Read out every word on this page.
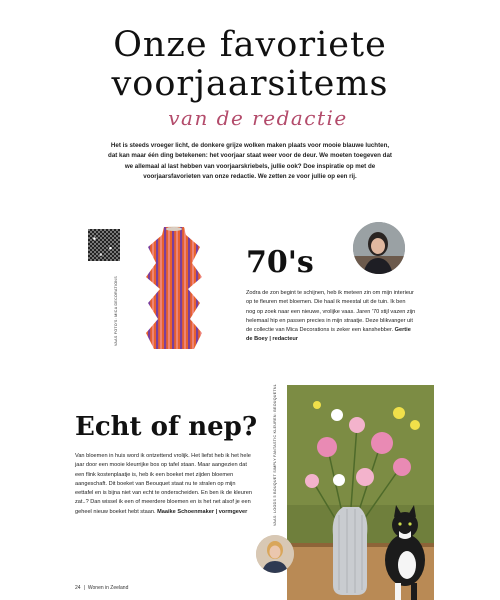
Onze favoriete
voorjaarsitems
van de redactie

Het is steeds vroeger licht, de donkere grijze wolken maken plaats voor mooie blauwe luchten, dat kan maar één ding betekenen: het voorjaar staat weer voor de deur. We moeten toegeven dat we allemaal al last hebben van voorjaarskriebels, jullie ook? Doe inspiratie op met de voorjaarsfavorieten van onze redactie. We zetten ze voor jullie op een rij.

VAAS FOTO'S: MICA DECORATIONS
70's

Zodra de zon begint te schijnen, heb ik meteen zin om mijn interieur op te fleuren met bloemen. Die haal ik meestal uit de tuin. Ik ben nog op zoek naar een nieuwe, vrolijke vaas. Jaren '70 stijl vazen zijn helemaal hip en passen precies in mijn straatje. Deze blikvanger uit de collectie van Mica Decorations is zeker een kanshebber. Gertie de Boey | redacteur

Echt of nep?

Van bloemen in huis word ik ontzettend vrolijk. Het liefst heb ik het hele jaar door een mooie kleurrijke bos op tafel staan. Maar aangezien dat een flink kostenplaatje is, heb ik een boeket met zijden bloemen aangeschaft. Dit boeket van Beouquet staat nu te stralen op mijn eettafel en is bijna niet van echt te onderscheiden. En ben ik de kleuren zat..? Dan wissel ik een of meerdere bloemen en is het net alsof je een geheel nieuw boeket hebt staan. Maaike Schoenmaker | vormgever	VAAS: LOODS 5 BOUQUET SIMPLY FANTASTIC KLEUREN: BEOUQUETNL
24 | Wonen in Zeeland
